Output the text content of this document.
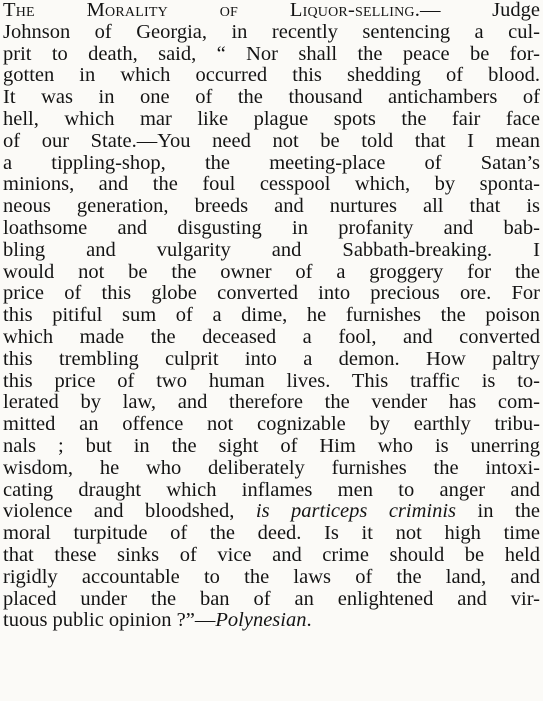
The Morality of Liquor-selling.— Judge
Johnson of Georgia, in recently sentencing a cul-
prit to death, said, “ Nor shall the peace be for-
gotten in which occurred this shedding of blood.
It was in one of the thousand antichambers of
hell, which mar like plague spots the fair face
of our State.—You need not be told that I mean
a tippling-shop, the meeting-place of Satan’s
minions, and the foul cesspool which, by sponta-
neous generation, breeds and nurtures all that is
loathsome and disgusting in profanity and bab-
bling and vulgarity and Sabbath-breaking. I
would not be the owner of a groggery for the
price of this globe converted into precious ore. For
this pitiful sum of a dime, he furnishes the poison
which made the deceased a fool, and converted
this trembling culprit into a demon. How paltry
this price of two human lives. This traffic is to-
lerated by law, and therefore the vender has com-
mitted an offence not cognizable by earthly tribu-
nals ; but in the sight of Him who is unerring
wisdom, he who deliberately furnishes the intoxi-
cating draught which inflames men to anger and
violence and bloodshed, is particeps criminis in the
moral turpitude of the deed. Is it not high time
that these sinks of vice and crime should be held
rigidly accountable to the laws of the land, and
placed under the ban of an enlightened and vir-
tuous public opinion ?”—Polynesian.
